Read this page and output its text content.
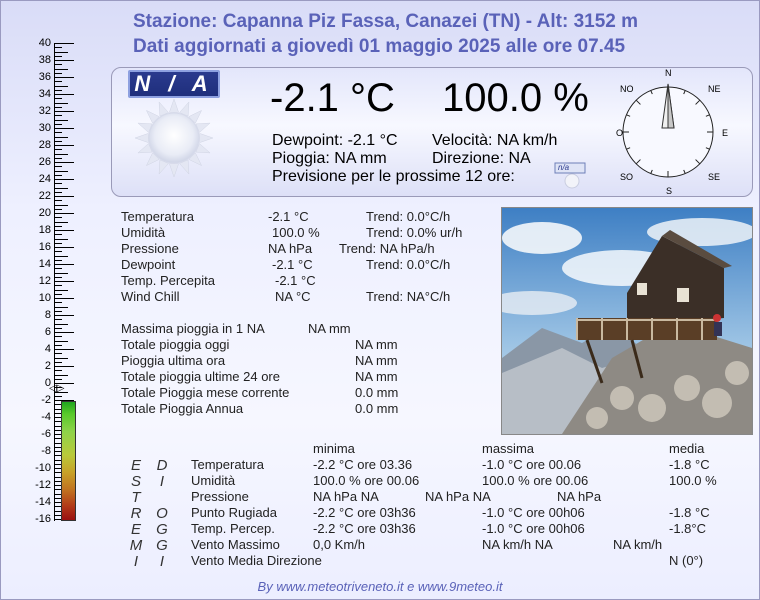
Stazione: Capanna Piz Fassa, Canazei (TN) - Alt: 3152 m
Dati aggiornati a giovedì 01 maggio 2025 alle ore 07.45
40
38
36
34
32
30
28
26
24
22
20
18
16
14
12
10
8
6
4
2
0
-2
-4
-6
-8
-10
-12
-14
-16
◁▷
N / A -2.1 °C 100.0 %
Dewpoint: -2.1 °C Velocità: NA km/h
Pioggia: NA mm	Direzione: NA
Previsione per le prossime 12 ore:
n/a
N
NE
E
SE
S
SO
O
NO
Temperatura	-2.1 °C	Trend: 0.0°C/h
Umidità	100.0 %	Trend: 0.0% ur/h
Pressione	NA hPa Trend: NA hPa/h
Dewpoint	-2.1 °C	Trend: 0.0°C/h
Temp. Percepita	-2.1 °C
Wind Chill	NA °C	Trend: NA°C/h
Massima pioggia in 1 NA	NA mm
Totale pioggia oggi	NA mm
Pioggia ultima ora	NA mm
Totale pioggia ultime 24 ore	NA mm
Totale Pioggia mese corrente	0.0 mm
Totale Pioggia Annua	0.0 mm
minima	massima	media
E
S
T
R
E
M
I
D
I
O
G
G
I
Temperatura	-2.2 °C ore 03.36	-1.0 °C ore 00.06	-1.8 °C
Umidità	100.0 % ore 00.06	100.0 % ore 00.06	100.0 %
Pressione	NA hPa NA	NA hPa NA	NA hPa
Punto Rugiada	-2.2 °C ore 03h36	-1.0 °C ore 00h06	-1.8 °C
Temp. Percep.	-2.2 °C ore 03h36	-1.0 °C ore 00h06	-1.8°C
Vento Massimo	0,0 Km/h	NA km/h NA	NA km/h
Vento Media Direzione	N (0°)
By www.meteotriveneto.it e www.9meteo.it
